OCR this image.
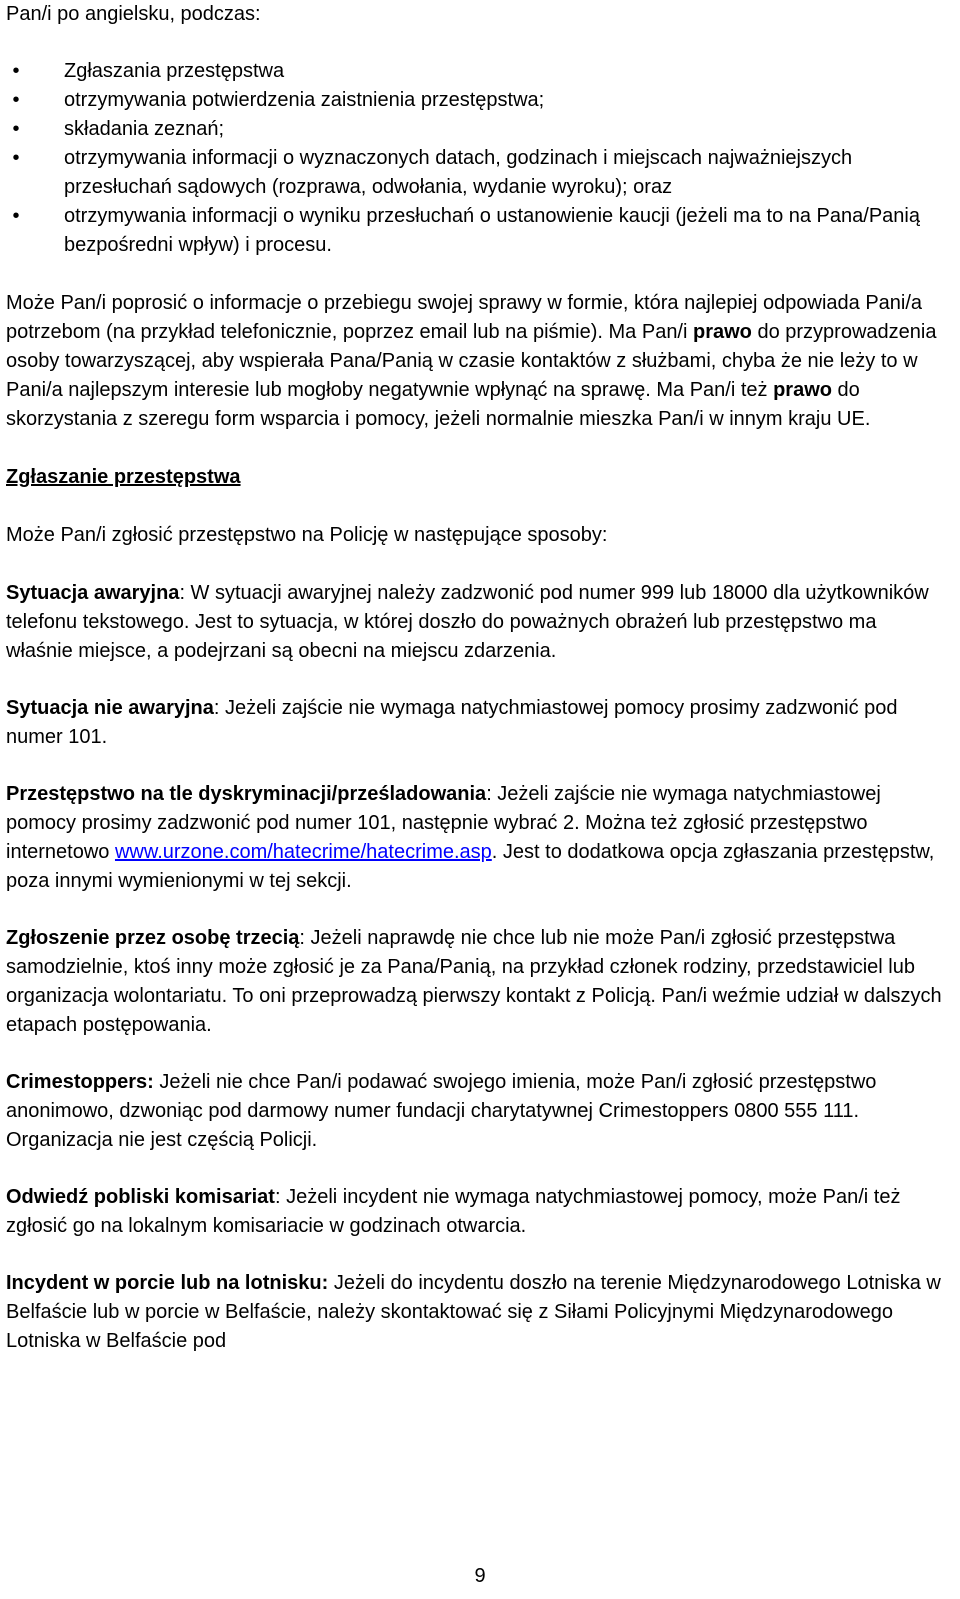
Pan/i po angielsku, podczas:

•	Zgłaszania przestępstwa
•	otrzymywania potwierdzenia zaistnienia przestępstwa;
•	składania zeznań;
•	otrzymywania informacji o wyznaczonych datach, godzinach i miejscach najważniejszych przesłuchań sądowych (rozprawa, odwołania, wydanie wyroku); oraz
•	otrzymywania informacji o wyniku przesłuchań o ustanowienie kaucji (jeżeli ma to na Pana/Panią bezpośredni wpływ) i procesu.

Może Pan/i poprosić o informacje o przebiegu swojej sprawy w formie, która najlepiej odpowiada Pani/a potrzebom (na przykład telefonicznie, poprzez email lub na piśmie). Ma Pan/i prawo do przyprowadzenia osoby towarzyszącej, aby wspierała Pana/Panią w czasie kontaktów z służbami, chyba że nie leży to w Pani/a najlepszym interesie lub mogłoby negatywnie wpłynąć na sprawę. Ma Pan/i też prawo do skorzystania z szeregu form wsparcia i pomocy, jeżeli normalnie mieszka Pan/i w innym kraju UE.

Zgłaszanie przestępstwa

Może Pan/i zgłosić przestępstwo na Policję w następujące sposoby:

Sytuacja awaryjna: W sytuacji awaryjnej należy zadzwonić pod numer 999 lub 18000 dla użytkowników telefonu tekstowego. Jest to sytuacja, w której doszło do poważnych obrażeń lub przestępstwo ma właśnie miejsce, a podejrzani są obecni na miejscu zdarzenia.

Sytuacja nie awaryjna: Jeżeli zajście nie wymaga natychmiastowej pomocy prosimy zadzwonić pod numer 101.

Przestępstwo na tle dyskryminacji/prześladowania: Jeżeli zajście nie wymaga natychmiastowej pomocy prosimy zadzwonić pod numer 101, następnie wybrać 2. Można też zgłosić przestępstwo internetowo www.urzone.com/hatecrime/hatecrime.asp. Jest to dodatkowa opcja zgłaszania przestępstw, poza innymi wymienionymi w tej sekcji.

Zgłoszenie przez osobę trzecią: Jeżeli naprawdę nie chce lub nie może Pan/i zgłosić przestępstwa samodzielnie, ktoś inny może zgłosić je za Pana/Panią, na przykład członek rodziny, przedstawiciel lub organizacja wolontariatu. To oni przeprowadzą pierwszy kontakt z Policją. Pan/i weźmie udział w dalszych etapach postępowania.

Crimestoppers: Jeżeli nie chce Pan/i podawać swojego imienia, może Pan/i zgłosić przestępstwo anonimowo, dzwoniąc pod darmowy numer fundacji charytatywnej Crimestoppers 0800 555 111. Organizacja nie jest częścią Policji.

Odwiedź pobliski komisariat: Jeżeli incydent nie wymaga natychmiastowej pomocy, może Pan/i też zgłosić go na lokalnym komisariacie w godzinach otwarcia.

Incydent w porcie lub na lotnisku: Jeżeli do incydentu doszło na terenie Międzynarodowego Lotniska w Belfaście lub w porcie w Belfaście, należy skontaktować się z Siłami Policyjnymi Międzynarodowego Lotniska w Belfaście pod

9
